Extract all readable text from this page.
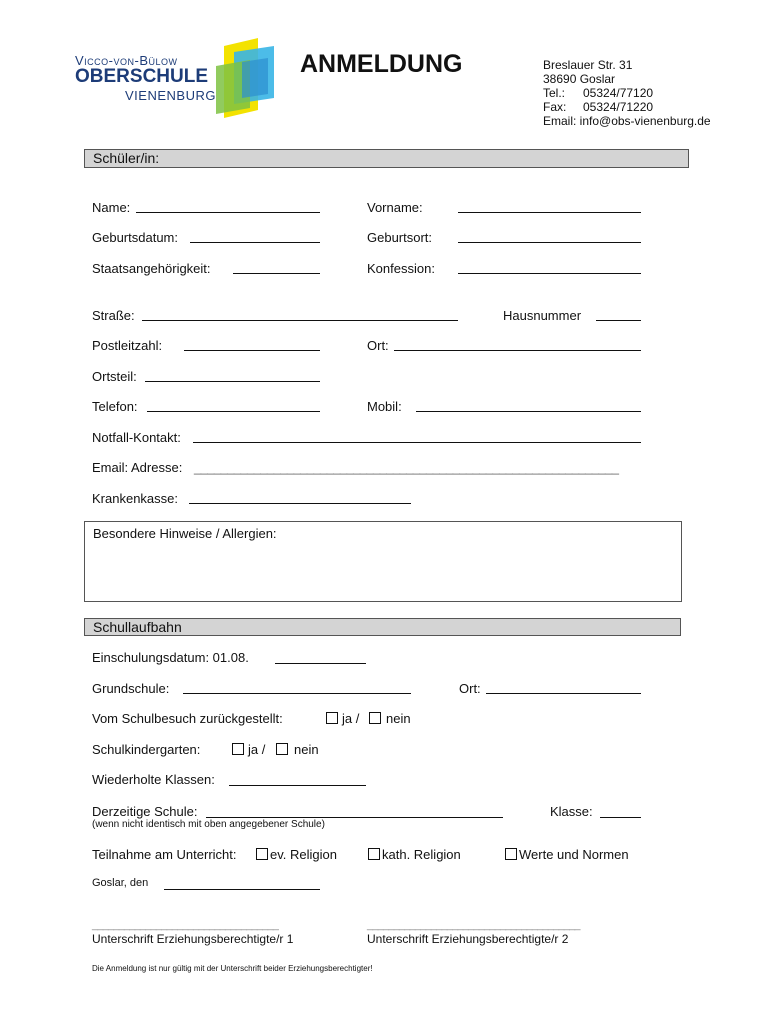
Vicco-von-Bülow
OBERSCHULE
VIENENBURG
ANMELDUNG	Breslauer Str. 31
38690 Goslar
Tel.: 05324/77120
Fax: 05324/71220
Email: info@obs-vienenburg.de
Schüler/in:
Name:	Vorname:
Geburtsdatum:	Geburtsort:
Staatsangehörigkeit:	Konfession:
Straße:	Hausnummer
Postleitzahl:	Ort:
Ortsteil:
Telefon:	Mobil:
Notfall-Kontakt:
Email: Adresse: ________________________________________________________________
Krankenkasse:
Besondere Hinweise / Allergien:
Schullaufbahn
Einschulungsdatum: 01.08.
Grundschule:	Ort:
Vom Schulbesuch zurückgestellt:	ja / nein
Schulkindergarten:	ja / nein
Wiederholte Klassen:
Derzeitige Schule:	Klasse:
(wenn nicht identisch mit oben angegebener Schule)
Teilnahme am Unterricht:	ev. Religion	kath. Religion	Werte und Normen
Goslar, den
___________________________________	________________________________________
Unterschrift Erziehungsberechtigte/r 1	Unterschrift Erziehungsberechtigte/r 2
Die Anmeldung ist nur gültig mit der Unterschrift beider Erziehungsberechtigter!
